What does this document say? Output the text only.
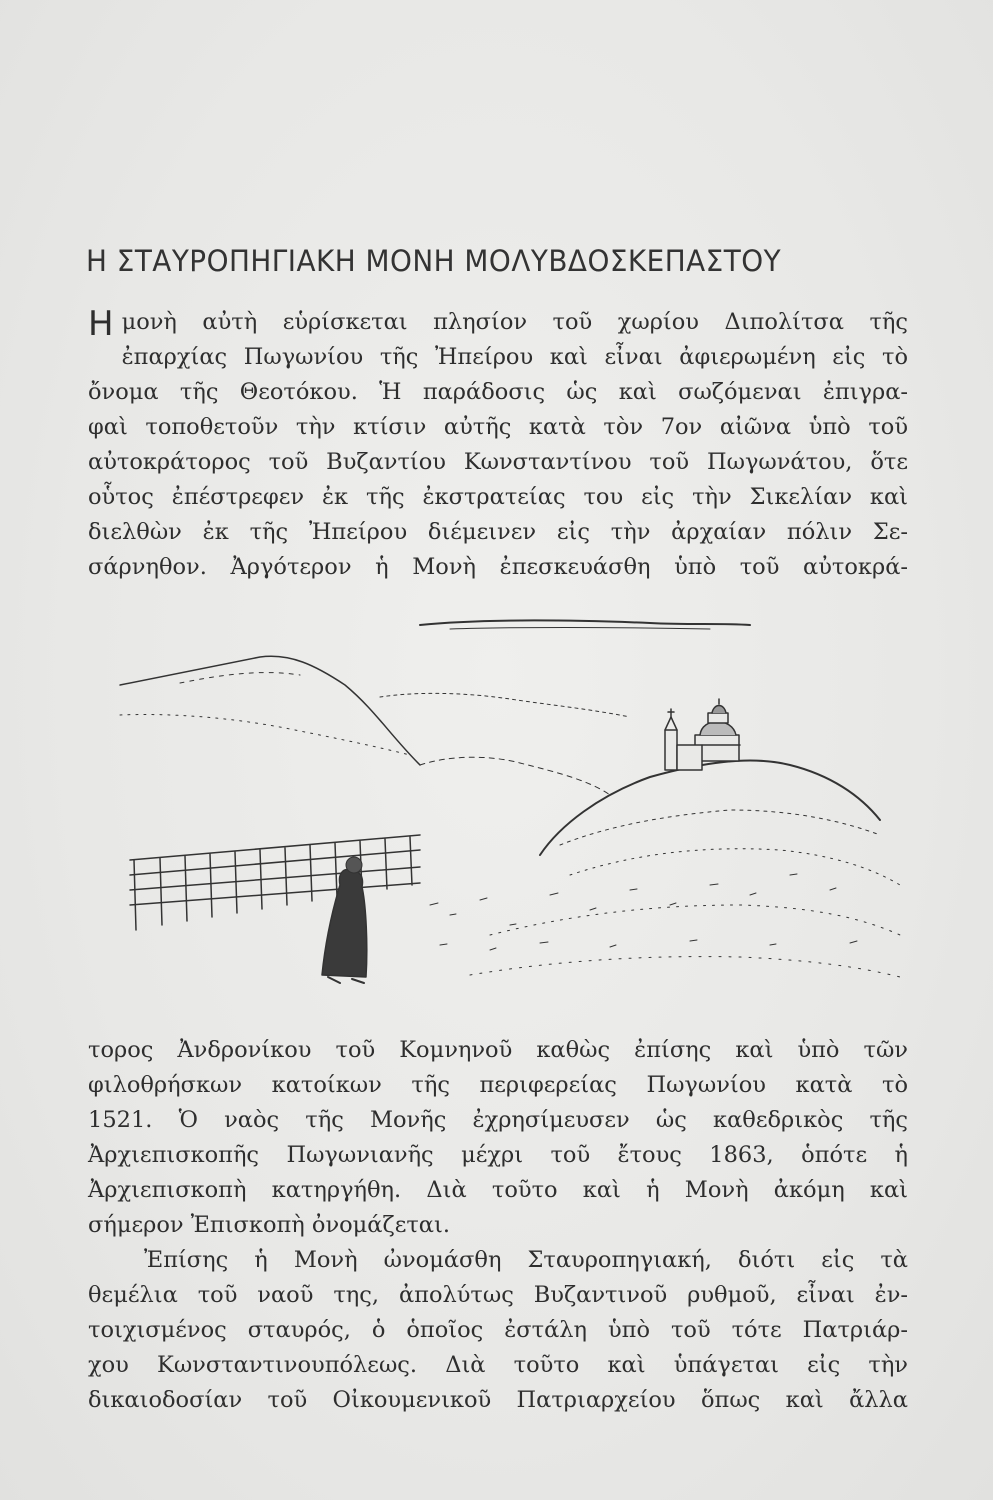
Η ΣΤΑΥΡΟΠΗΓΙΑΚΗ ΜΟΝΗ ΜΟΛΥΒΔΟΣΚΕΠΑΣΤΟΥ
Η μονὴ αὐτὴ εὑρίσκεται πλησίον τοῦ χωρίου Διπολίτσα τῆς
ἐπαρχίας Πωγωνίου τῆς Ἠπείρου καὶ εἶναι ἀφιερωμένη εἰς τὸ
ὄνομα τῆς Θεοτόκου. Ἡ παράδοσις ὡς καὶ σωζόμεναι ἐπιγρα-
φαὶ τοποθετοῦν τὴν κτίσιν αὐτῆς κατὰ τὸν 7ον αἰῶνα ὑπὸ τοῦ
αὐτοκράτορος τοῦ Βυζαντίου Κωνσταντίνου τοῦ Πωγωνάτου, ὅτε
οὗτος ἐπέστρεφεν ἐκ τῆς ἐκστρατείας του εἰς τὴν Σικελίαν καὶ
διελθὼν ἐκ τῆς Ἠπείρου διέμεινεν εἰς τὴν ἀρχαίαν πόλιν Σε-
σάρνηθον. Ἀργότερον ἡ Μονὴ ἐπεσκευάσθη ὑπὸ τοῦ αὐτοκρά-
τορος Ἀνδρονίκου τοῦ Κομνηνοῦ καθὼς ἐπίσης καὶ ὑπὸ τῶν
φιλοθρήσκων κατοίκων τῆς περιφερείας Πωγωνίου κατὰ τὸ
1521. Ὁ ναὸς τῆς Μονῆς ἐχρησίμευσεν ὡς καθεδρικὸς τῆς
Ἀρχιεπισκοπῆς Πωγωνιανῆς μέχρι τοῦ ἔτους 1863, ὁπότε ἡ
Ἀρχιεπισκοπὴ κατηργήθη. Διὰ τοῦτο καὶ ἡ Μονὴ ἀκόμη καὶ
σήμερον Ἐπισκοπὴ ὀνομάζεται.
Ἐπίσης ἡ Μονὴ ὠνομάσθη Σταυροπηγιακή, διότι εἰς τὰ
θεμέλια τοῦ ναοῦ της, ἀπολύτως Βυζαντινοῦ ρυθμοῦ, εἶναι ἐν-
τοιχισμένος σταυρός, ὁ ὁποῖος ἐστάλη ὑπὸ τοῦ τότε Πατριάρ-
χου Κωνσταντινουπόλεως. Διὰ τοῦτο καὶ ὑπάγεται εἰς τὴν
δικαιοδοσίαν τοῦ Οἰκουμενικοῦ Πατριαρχείου ὅπως καὶ ἄλλα
